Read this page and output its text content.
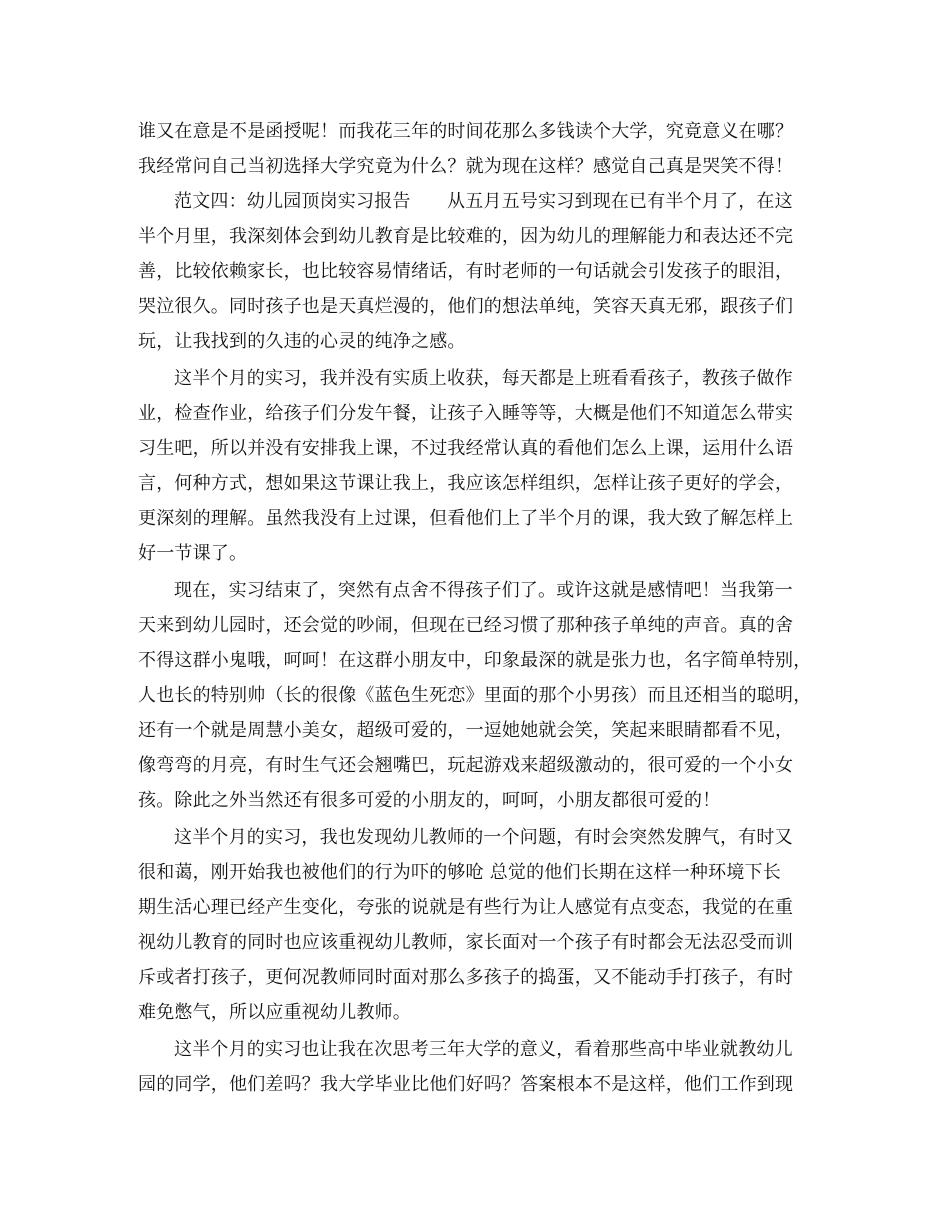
谁又在意是不是函授呢！而我花三年的时间花那么多钱读个大学，究竟意义在哪？
我经常问自己当初选择大学究竟为什么？就为现在这样？感觉自己真是哭笑不得！
范文四：幼儿园顶岗实习报告　　从五月五号实习到现在已有半个月了，在这
半个月里，我深刻体会到幼儿教育是比较难的，因为幼儿的理解能力和表达还不完
善，比较依赖家长，也比较容易情绪话，有时老师的一句话就会引发孩子的眼泪，
哭泣很久。同时孩子也是天真烂漫的，他们的想法单纯，笑容天真无邪，跟孩子们
玩，让我找到的久违的心灵的纯净之感。
这半个月的实习，我并没有实质上收获，每天都是上班看看孩子，教孩子做作
业，检查作业，给孩子们分发午餐，让孩子入睡等等，大概是他们不知道怎么带实
习生吧，所以并没有安排我上课，不过我经常认真的看他们怎么上课，运用什么语
言，何种方式，想如果这节课让我上，我应该怎样组织，怎样让孩子更好的学会，
更深刻的理解。虽然我没有上过课，但看他们上了半个月的课，我大致了解怎样上
好一节课了。
现在，实习结束了，突然有点舍不得孩子们了。或许这就是感情吧！当我第一
天来到幼儿园时，还会觉的吵闹，但现在已经习惯了那种孩子单纯的声音。真的舍
不得这群小鬼哦，呵呵！在这群小朋友中，印象最深的就是张力也，名字简单特别，
人也长的特别帅（长的很像《蓝色生死恋》里面的那个小男孩）而且还相当的聪明，
还有一个就是周慧小美女，超级可爱的，一逗她她就会笑，笑起来眼睛都看不见，
像弯弯的月亮，有时生气还会翘嘴巴，玩起游戏来超级激动的，很可爱的一个小女
孩。除此之外当然还有很多可爱的小朋友的，呵呵，小朋友都很可爱的！
这半个月的实习，我也发现幼儿教师的一个问题，有时会突然发脾气，有时又
很和蔼，刚开始我也被他们的行为吓的够呛 总觉的他们长期在这样一种环境下长
期生活心理已经产生变化，夸张的说就是有些行为让人感觉有点变态，我觉的在重
视幼儿教育的同时也应该重视幼儿教师，家长面对一个孩子有时都会无法忍受而训
斥或者打孩子，更何况教师同时面对那么多孩子的捣蛋，又不能动手打孩子，有时
难免憋气，所以应重视幼儿教师。
这半个月的实习也让我在次思考三年大学的意义，看着那些高中毕业就教幼儿
园的同学，他们差吗？我大学毕业比他们好吗？答案根本不是这样，他们工作到现
